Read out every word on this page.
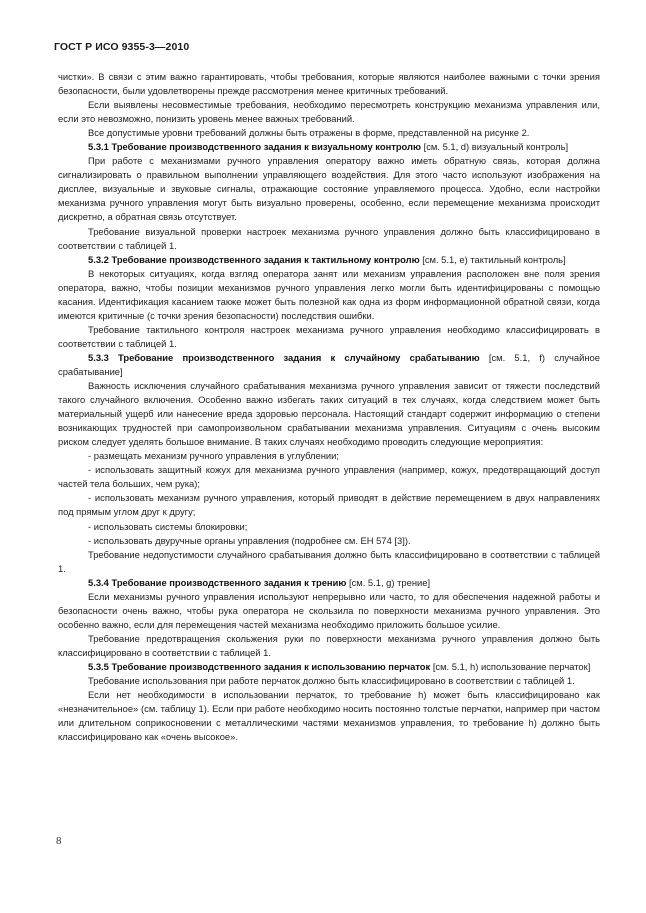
ГОСТ Р ИСО 9355-3—2010

чистки». В связи с этим важно гарантировать, чтобы требования, которые являются наиболее важными с точки зрения безопасности, были удовлетворены прежде рассмотрения менее критичных требований.

Если выявлены несовместимые требования, необходимо пересмотреть конструкцию механизма управления или, если это невозможно, понизить уровень менее важных требований.

Все допустимые уровни требований должны быть отражены в форме, представленной на рисунке 2.

5.3.1 Требование производственного задания к визуальному контролю [см. 5.1, d) визуальный контроль]

При работе с механизмами ручного управления оператору важно иметь обратную связь, которая должна сигнализировать о правильном выполнении управляющего воздействия. Для этого часто используют изображения на дисплее, визуальные и звуковые сигналы, отражающие состояние управляемого процесса. Удобно, если настройки механизма ручного управления могут быть визуально проверены, особенно, если перемещение механизма происходит дискретно, а обратная связь отсутствует.

Требование визуальной проверки настроек механизма ручного управления должно быть классифицировано в соответствии с таблицей 1.

5.3.2 Требование производственного задания к тактильному контролю [см. 5.1, е) тактильный контроль]

В некоторых ситуациях, когда взгляд оператора занят или механизм управления расположен вне поля зрения оператора, важно, чтобы позиции механизмов ручного управления легко могли быть идентифицированы с помощью касания. Идентификация касанием также может быть полезной как одна из форм информационной обратной связи, когда имеются критичные (с точки зрения безопасности) последствия ошибки.

Требование тактильного контроля настроек механизма ручного управления необходимо классифицировать в соответствии с таблицей 1.

5.3.3 Требование производственного задания к случайному срабатыванию [см. 5.1, f) случайное срабатывание]

Важность исключения случайного срабатывания механизма ручного управления зависит от тяжести последствий такого случайного включения. Особенно важно избегать таких ситуаций в тех случаях, когда следствием может быть материальный ущерб или нанесение вреда здоровью персонала. Настоящий стандарт содержит информацию о степени возникающих трудностей при самопроизвольном срабатывании механизма управления. Ситуациям с очень высоким риском следует уделять большое внимание. В таких случаях необходимо проводить следующие мероприятия:

- размещать механизм ручного управления в углублении;

- использовать защитный кожух для механизма ручного управления (например, кожух, предотвращающий доступ частей тела больших, чем рука);

- использовать механизм ручного управления, который приводят в действие перемещением в двух направлениях под прямым углом друг к другу;

- использовать системы блокировки;

- использовать двуручные органы управления (подробнее см. ЕН 574 [3]).

Требование недопустимости случайного срабатывания должно быть классифицировано в соответствии с таблицей 1.

5.3.4 Требование производственного задания к трению [см. 5.1, g) трение]

Если механизмы ручного управления используют непрерывно или часто, то для обеспечения надежной работы и безопасности очень важно, чтобы рука оператора не скользила по поверхности механизма ручного управления. Это особенно важно, если для перемещения частей механизма необходимо приложить большое усилие.

Требование предотвращения скольжения руки по поверхности механизма ручного управления должно быть классифицировано в соответствии с таблицей 1.

5.3.5 Требование производственного задания к использованию перчаток [см. 5.1, h) использование перчаток]

Требование использования при работе перчаток должно быть классифицировано в соответствии с таблицей 1.

Если нет необходимости в использовании перчаток, то требование h) может быть классифицировано как «незначительное» (см. таблицу 1). Если при работе необходимо носить постоянно толстые перчатки, например при частом или длительном соприкосновении с металлическими частями механизмов управления, то требование h) должно быть классифицировано как «очень высокое».

8
